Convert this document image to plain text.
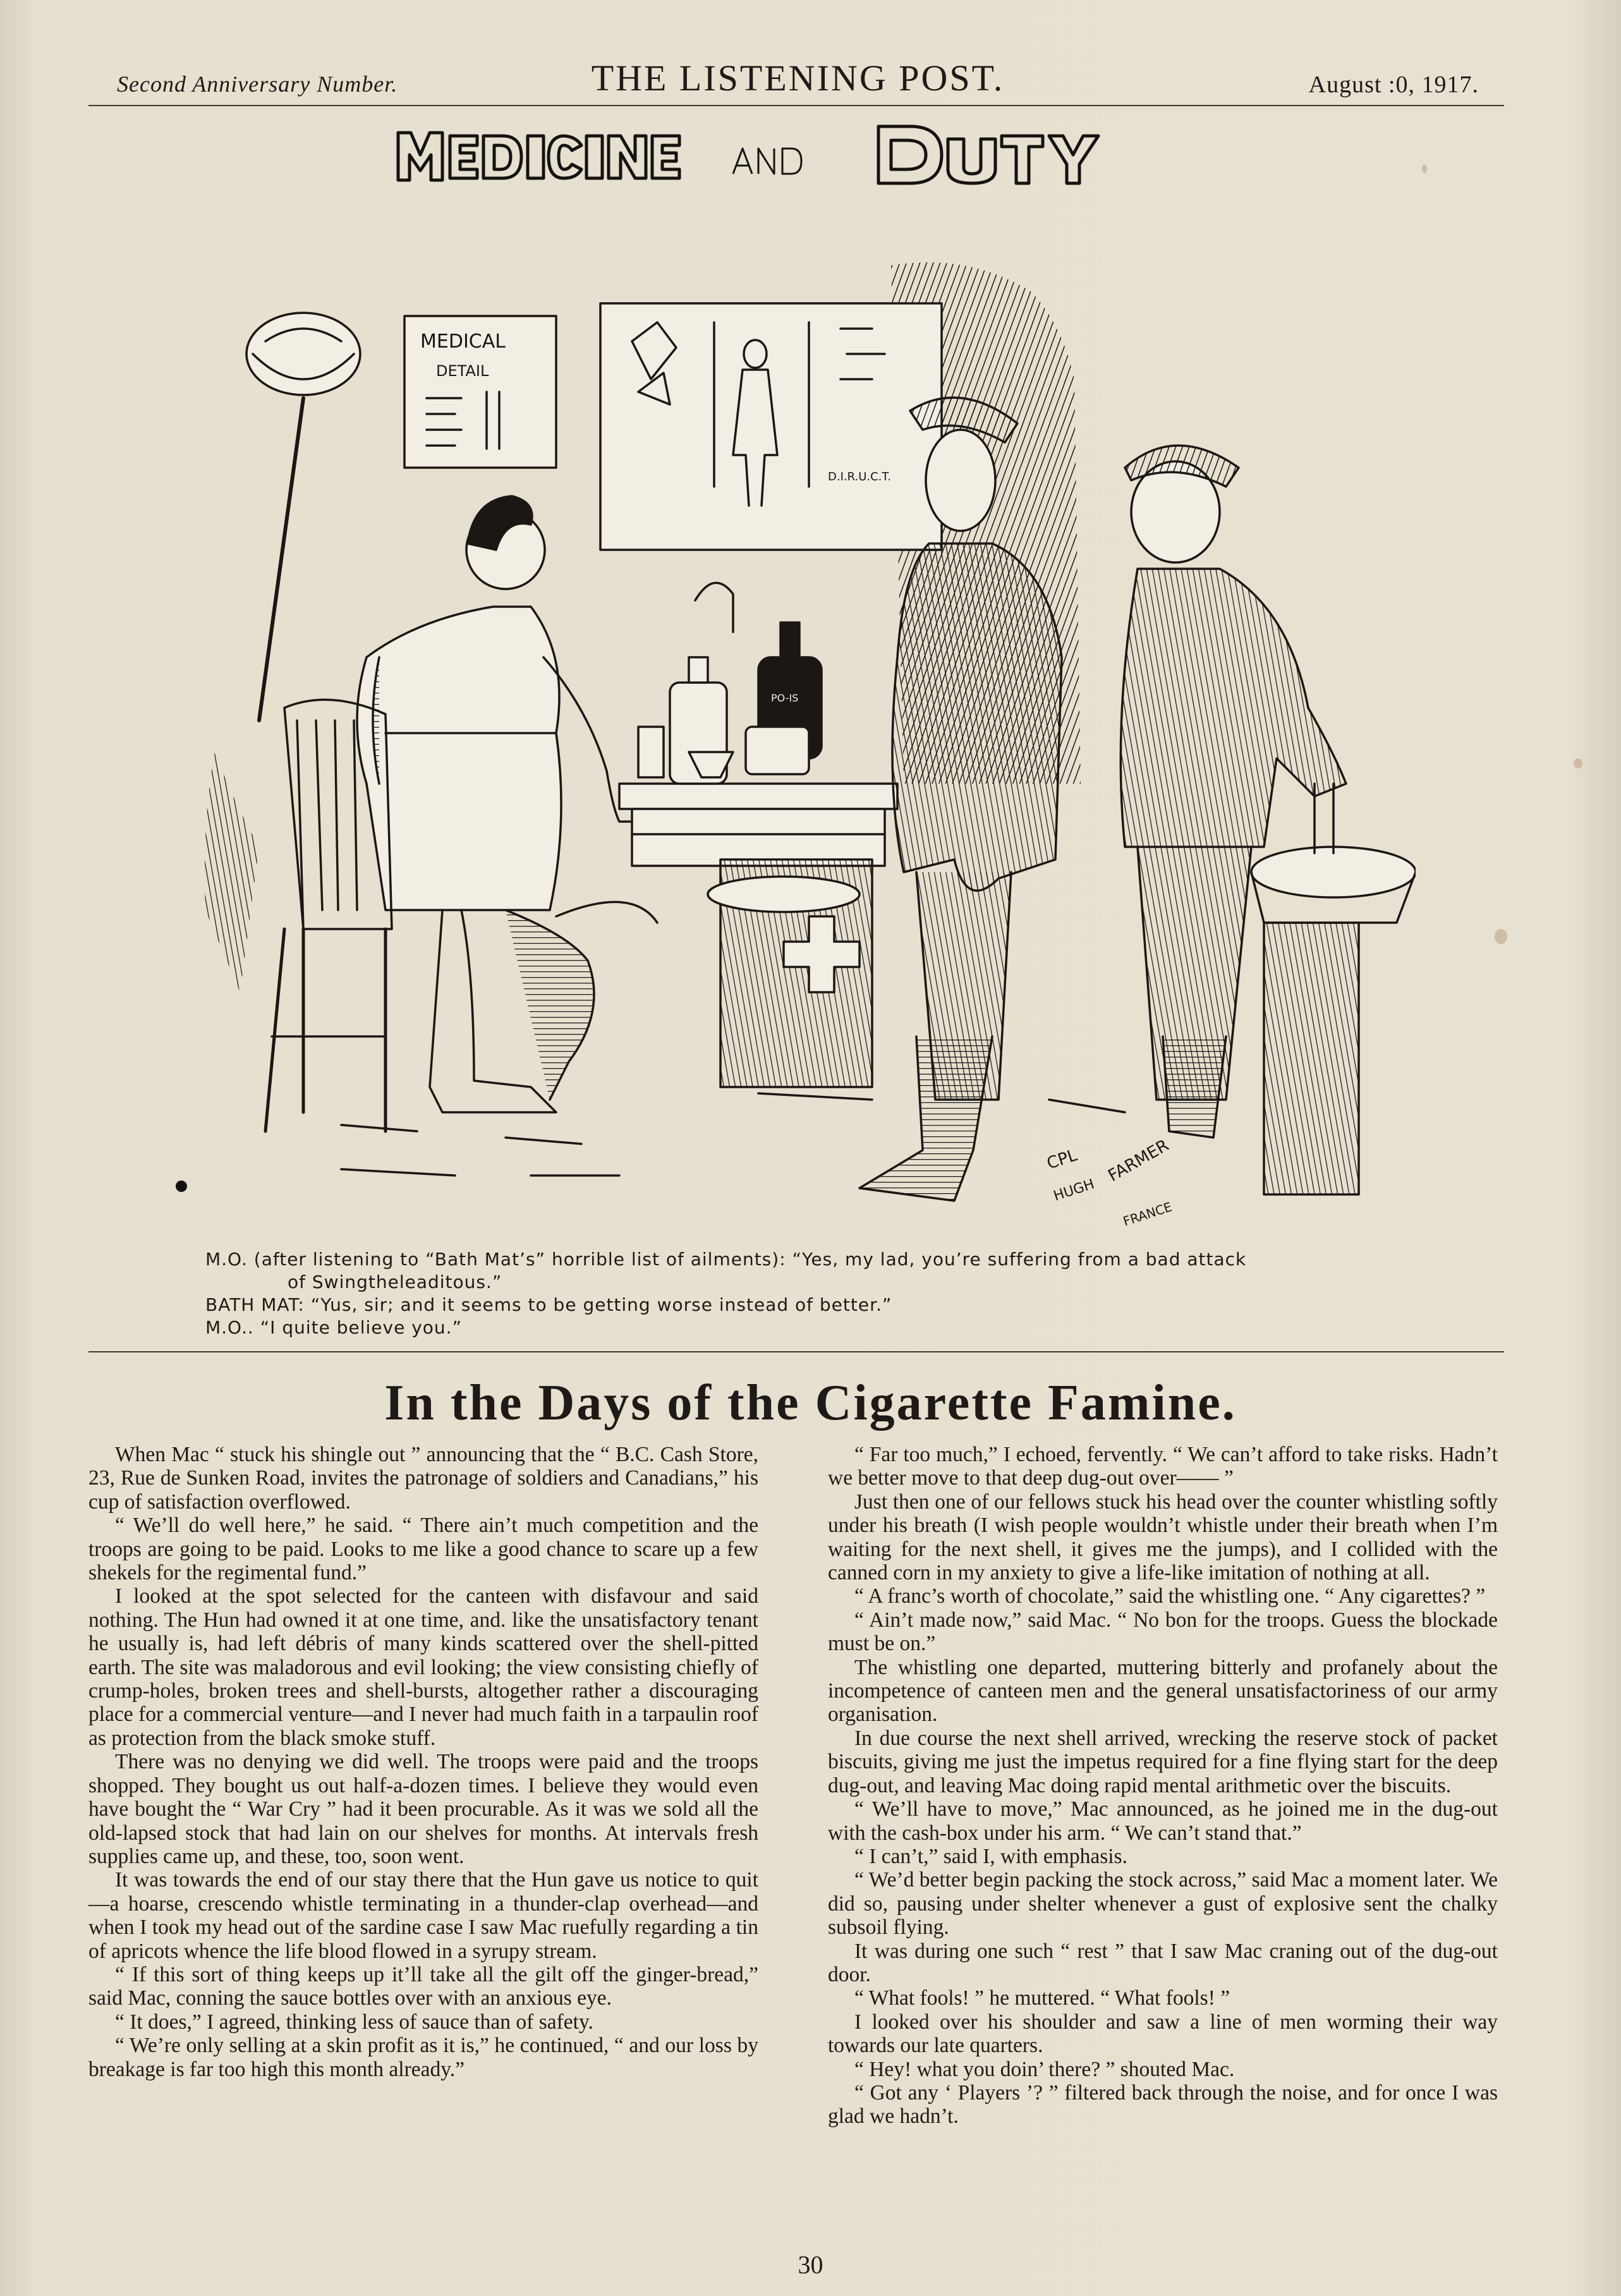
Second Anniversary Number.	THE LISTENING POST.	August :0, 1917.
MEDICAL
DETAIL
D.I.R.U.C.T.
PO-IS
CPL
HUGH
FARMER
FRANCE
M.O. (after listening to “Bath Mat’s” horrible list of ailments): “Yes, my lad, you’re suffering from a bad attack
of Swingtheleaditous.”
BATH MAT: “Yus, sir; and it seems to be getting worse instead of better.”
M.O.. “I quite believe you.”
In the Days of the Cigarette Famine.

When Mac “ stuck his shingle out ” announcing that the “ B.C. Cash Store, 23, Rue de Sunken Road, invites the patronage of soldiers and Canadians,” his cup of satisfaction overflowed.

“ We’ll do well here,” he said. “ There ain’t much competition and the troops are going to be paid. Looks to me like a good chance to scare up a few shekels for the regimental fund.”

I looked at the spot selected for the canteen with disfavour and said nothing. The Hun had owned it at one time, and. like the unsatisfactory tenant he usually is, had left débris of many kinds scattered over the shell-pitted earth. The site was maladorous and evil looking; the view consisting chiefly of crump-holes, broken trees and shell-bursts, altogether rather a discouraging place for a commercial venture—and I never had much faith in a tarpaulin roof as protection from the black smoke stuff.

There was no denying we did well. The troops were paid and the troops shopped. They bought us out half-a-dozen times. I believe they would even have bought the “ War Cry ” had it been procurable. As it was we sold all the old-lapsed stock that had lain on our shelves for months. At intervals fresh supplies came up, and these, too, soon went.

It was towards the end of our stay there that the Hun gave us notice to quit—a hoarse, crescendo whistle terminating in a thunder-clap overhead—and when I took my head out of the sardine case I saw Mac ruefully regarding a tin of apricots whence the life blood flowed in a syrupy stream.

“ If this sort of thing keeps up it’ll take all the gilt off the ginger-bread,” said Mac, conning the sauce bottles over with an anxious eye.

“ It does,” I agreed, thinking less of sauce than of safety.

“ We’re only selling at a skin profit as it is,” he continued, “ and our loss by breakage is far too high this month already.”

“ Far too much,” I echoed, fervently. “ We can’t afford to take risks. Hadn’t we better move to that deep dug-out over—— ”

Just then one of our fellows stuck his head over the counter whistling softly under his breath (I wish people wouldn’t whistle under their breath when I’m waiting for the next shell, it gives me the jumps), and I collided with the canned corn in my anxiety to give a life-like imitation of nothing at all.

“ A franc’s worth of chocolate,” said the whistling one. “ Any cigarettes? ”

“ Ain’t made now,” said Mac. “ No bon for the troops. Guess the blockade must be on.”

The whistling one departed, muttering bitterly and profanely about the incompetence of canteen men and the general unsatisfactoriness of our army organisation.

In due course the next shell arrived, wrecking the reserve stock of packet biscuits, giving me just the impetus required for a fine flying start for the deep dug-out, and leaving Mac doing rapid mental arithmetic over the biscuits.

“ We’ll have to move,” Mac announced, as he joined me in the dug-out with the cash-box under his arm. “ We can’t stand that.”

“ I can’t,” said I, with emphasis.

“ We’d better begin packing the stock across,” said Mac a moment later. We did so, pausing under shelter whenever a gust of explosive sent the chalky subsoil flying.

It was during one such “ rest ” that I saw Mac craning out of the dug-out door.

“ What fools! ” he muttered. “ What fools! ”

I looked over his shoulder and saw a line of men worming their way towards our late quarters.

“ Hey! what you doin’ there? ” shouted Mac.

“ Got any ‘ Players ’? ” filtered back through the noise, and for once I was glad we hadn’t.

30
